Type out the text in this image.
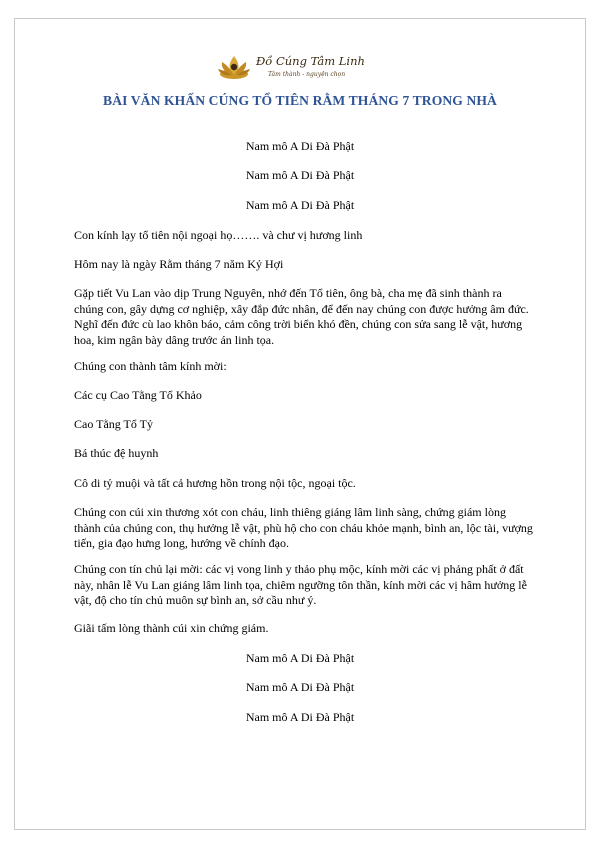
Đồ Cúng Tâm Linh
Tâm thành - nguyện chọn
BÀI VĂN KHẤN CÚNG TỔ TIÊN RẰM THÁNG 7 TRONG NHÀ

Nam mô A Di Đà Phật

Nam mô A Di Đà Phật

Nam mô A Di Đà Phật

Con kính lạy tổ tiên nội ngoại họ……. và chư vị hương linh

Hôm nay là ngày Rằm tháng 7 năm Kỷ Hợi

Gặp tiết Vu Lan vào dịp Trung Nguyên, nhớ đến Tổ tiên, ông bà, cha mẹ đã sinh thành ra chúng con, gây dựng cơ nghiệp, xây đắp đức nhân, để đến nay chúng con được hưởng âm đức. Nghĩ đến đức cù lao khôn báo, cảm công trời biển khó đền, chúng con sửa sang lễ vật, hương hoa, kim ngân bày dâng trước án linh tọa.

Chúng con thành tâm kính mời:

Các cụ Cao Tằng Tổ Khảo

Cao Tằng Tổ Tỷ

Bá thúc đệ huynh

Cô di tỷ muội và tất cả hương hồn trong nội tộc, ngoại tộc.

Chúng con cúi xin thương xót con cháu, linh thiêng giáng lâm linh sàng, chứng giám lòng thành của chúng con, thụ hưởng lễ vật, phù hộ cho con cháu khỏe mạnh, bình an, lộc tài, vượng tiến, gia đạo hưng long, hướng về chính đạo.

Chúng con tín chủ lại mời: các vị vong linh y thảo phụ mộc, kính mời các vị phảng phất ở đất này, nhân lễ Vu Lan giáng lâm linh tọa, chiêm ngưỡng tôn thần, kính mời các vị hâm hưởng lễ vật, độ cho tín chủ muôn sự bình an, sở cầu như ý.

Giãi tấm lòng thành cúi xin chứng giám.

Nam mô A Di Đà Phật

Nam mô A Di Đà Phật

Nam mô A Di Đà Phật
